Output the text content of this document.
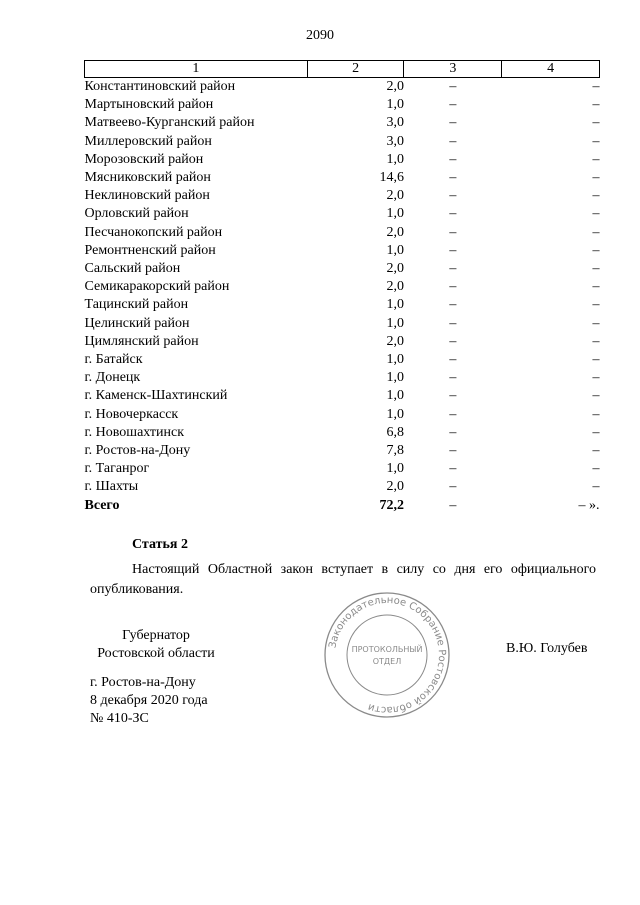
2090
1	2	3	4
Константиновский район	2,0	–	–
Мартыновский район	1,0	–	–
Матвеево-Курганский район	3,0	–	–
Миллеровский район	3,0	–	–
Морозовский район	1,0	–	–
Мясниковский район	14,6	–	–
Неклиновский район	2,0	–	–
Орловский район	1,0	–	–
Песчанокопский район	2,0	–	–
Ремонтненский район	1,0	–	–
Сальский район	2,0	–	–
Семикаракорский район	2,0	–	–
Тацинский район	1,0	–	–
Целинский район	1,0	–	–
Цимлянский район	2,0	–	–
г. Батайск	1,0	–	–
г. Донецк	1,0	–	–
г. Каменск-Шахтинский	1,0	–	–
г. Новочеркасск	1,0	–	–
г. Новошахтинск	6,8	–	–
г. Ростов-на-Дону	7,8	–	–
г. Таганрог	1,0	–	–
г. Шахты	2,0	–	–
Всего	72,2	–	– ».
Статья 2
Настоящий Областной закон вступает в силу со дня его официального опубликования.
Губернатор
Ростовской области	В.Ю. Голубев
г. Ростов-на-Дону
8 декабря 2020 года
№ 410-ЗС
Законодательное Собрание Ростовской области
ПРОТОКОЛЬНЫЙ
ОТДЕЛ
